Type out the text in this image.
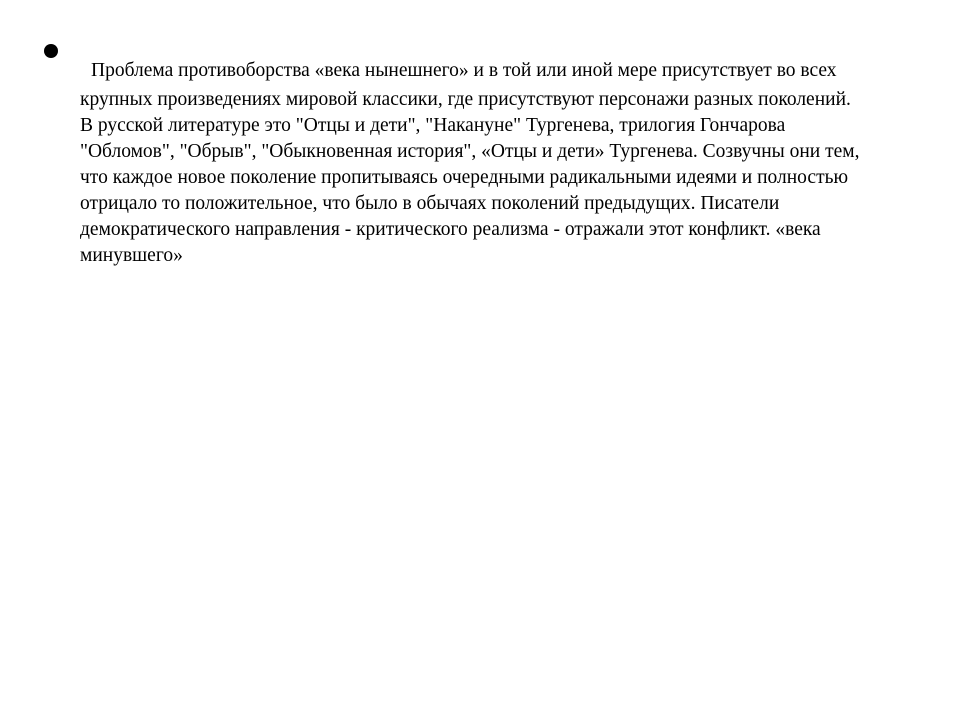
Проблема противоборства «века нынешнего» и в той или иной мере присутствует во всех
крупных произведениях мировой классики, где присутствуют персонажи разных поколений.
В русской литературе это "Отцы и дети", "Накануне" Тургенева, трилогия Гончарова
"Обломов", "Обрыв", "Обыкновенная история", «Отцы и дети» Тургенева. Созвучны они тем,
что каждое новое поколение пропитываясь очередными радикальными идеями и полностью
отрицало то положительное, что было в обычаях поколений предыдущих. Писатели
демократического направления - критического реализма - отражали этот конфликт. «века
минувшего»
